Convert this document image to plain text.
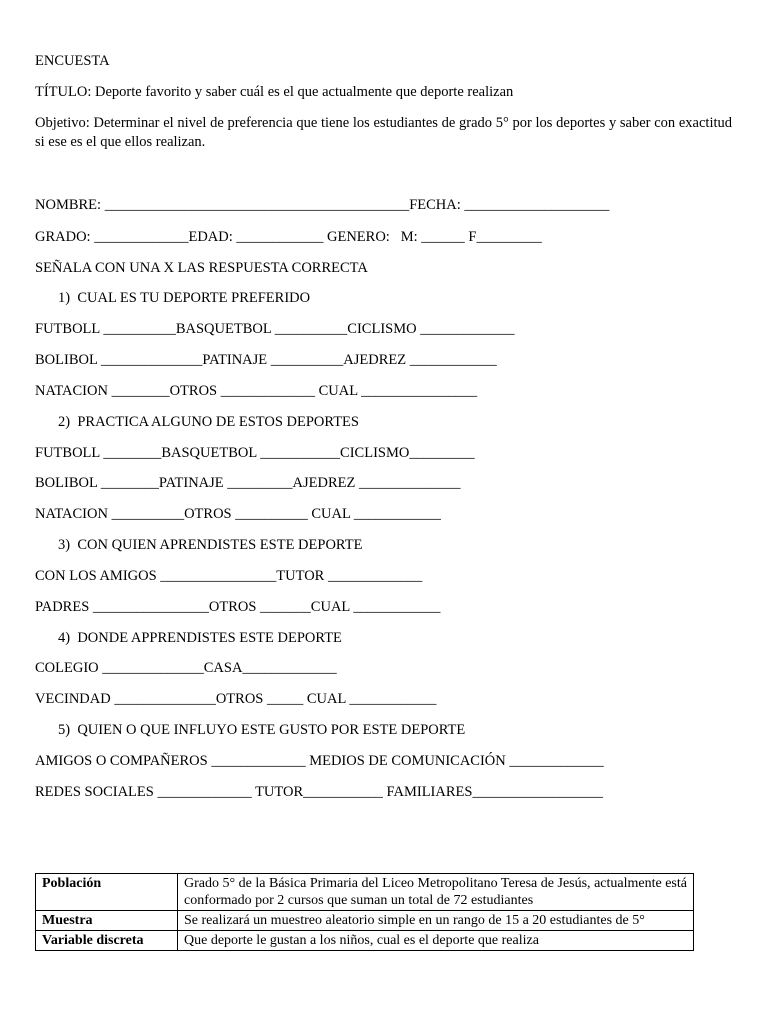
ENCUESTA
TÍTULO: Deporte favorito y saber cuál es el que actualmente que deporte realizan
Objetivo: Determinar el nivel de preferencia que tiene los estudiantes de grado 5° por los deportes y saber con exactitud si ese es el que ellos realizan.
NOMBRE: __________________________________________FECHA: ____________________
GRADO: _____________EDAD: ____________ GENERO:   M: ______ F_________
SEÑALA CON UNA X LAS RESPUESTA CORRECTA
1)  CUAL ES TU DEPORTE PREFERIDO
FUTBOLL __________BASQUETBOL __________CICLISMO _____________
BOLIBOL ______________PATINAJE __________AJEDREZ ____________
NATACION ________OTROS _____________ CUAL ________________
2)  PRACTICA ALGUNO DE ESTOS DEPORTES
FUTBOLL ________BASQUETBOL ___________CICLISMO_________
BOLIBOL ________PATINAJE _________AJEDREZ ______________
NATACION __________OTROS __________ CUAL ____________
3)  CON QUIEN APRENDISTES ESTE DEPORTE
CON LOS AMIGOS ________________TUTOR _____________
PADRES ________________OTROS _______CUAL ____________
4)  DONDE APPRENDISTES ESTE DEPORTE
COLEGIO ______________CASA_____________
VECINDAD ______________OTROS _____ CUAL ____________
5)  QUIEN O QUE INFLUYO ESTE GUSTO POR ESTE DEPORTE
AMIGOS O COMPAÑEROS _____________ MEDIOS DE COMUNICACIÓN _____________
REDES SOCIALES _____________ TUTOR___________ FAMILIARES__________________
Población	Grado 5° de la Básica Primaria del Liceo Metropolitano Teresa de Jesús, actualmente está conformado por 2 cursos que suman un total de 72 estudiantes
Muestra	Se realizará un muestreo aleatorio simple en un rango de 15 a 20 estudiantes de 5°
Variable discreta	Que deporte le gustan a los niños, cual es el deporte que realiza
